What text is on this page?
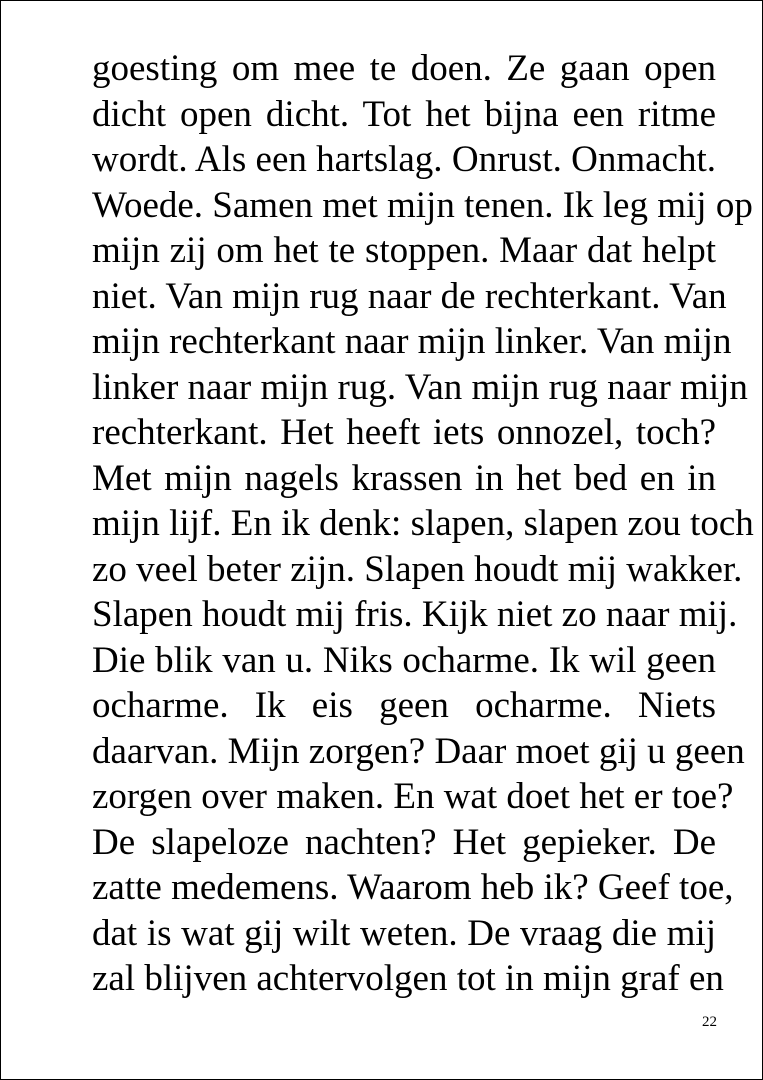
goesting om mee te doen. Ze gaan open
dicht open dicht. Tot het bijna een ritme
wordt. Als een hartslag. Onrust. Onmacht.
Woede. Samen met mijn tenen. Ik leg mij op
mijn zij om het te stoppen. Maar dat helpt
niet. Van mijn rug naar de rechterkant. Van
mijn rechterkant naar mijn linker. Van mijn
linker naar mijn rug. Van mijn rug naar mijn
rechterkant. Het heeft iets onnozel, toch?
Met mijn nagels krassen in het bed en in
mijn lijf. En ik denk: slapen, slapen zou toch
zo veel beter zijn. Slapen houdt mij wakker.
Slapen houdt mij fris. Kijk niet zo naar mij.
Die blik van u. Niks ocharme. Ik wil geen
ocharme. Ik eis geen ocharme. Niets
daarvan. Mijn zorgen? Daar moet gij u geen
zorgen over maken. En wat doet het er toe?
De slapeloze nachten? Het gepieker. De
zatte medemens. Waarom heb ik? Geef toe,
dat is wat gij wilt weten. De vraag die mij
zal blijven achtervolgen tot in mijn graf en
22
